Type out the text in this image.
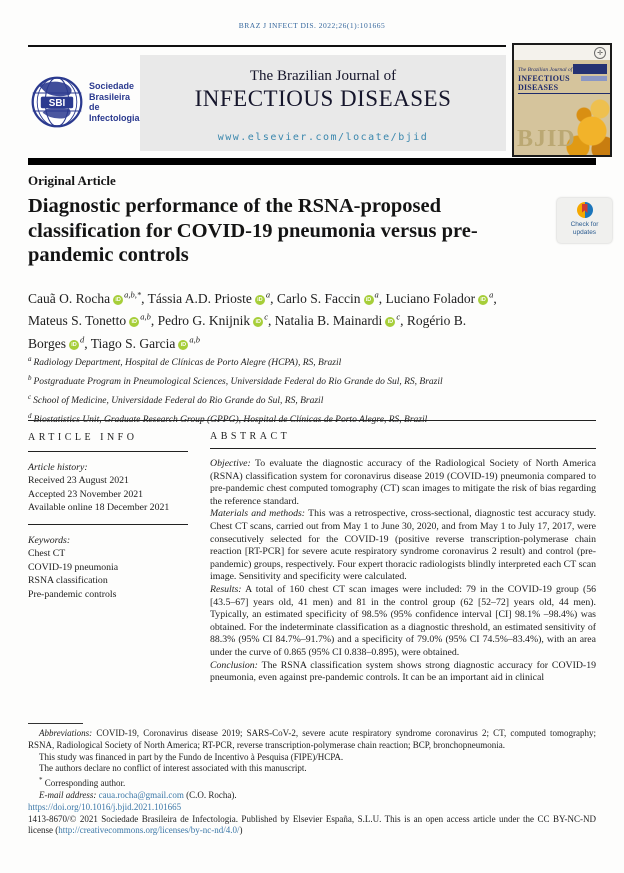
BRAZ J INFECT DIS. 2022;26(1):101665
SBI
Sociedade Brasileira de Infectologia
The Brazilian Journal of
INFECTIOUS DISEASES
www.elsevier.com/locate/bjid
✛
The Brazilian Journal of
INFECTIOUS DISEASES
BJID
Original Article
Diagnostic performance of the RSNA-proposed classification for COVID-19 pneumonia versus pre-pandemic controls
Check for updates
Cauã O. Rocha $iD^{a,b,*}$, Tássia A.D. Prioste $iD^a$, Carlo S. Faccin $iD^a$, Luciano Folador $iD^a$, Mateus S. Tonetto iD$^{a,b}$, Pedro G. Knijnik $iD^c$, Natalia B. Mainardi $iD^c$, Rogério B. Borges $iD^d$, Tiago S. Garcia iD$^{a,b}$
$^a$ Radiology Department, Hospital de Clínicas de Porto Alegre (HCPA), RS, Brazil
$^b$ Postgraduate Program in Pneumological Sciences, Universidade Federal do Rio Grande do Sul, RS, Brazil
$^c$ School of Medicine, Universidade Federal do Rio Grande do Sul, RS, Brazil
$^d$
ARTICLE INFO
Article history:
Received 23 August 2021
Accepted 23 November 2021
Available online 18 December 2021
Keywords:
Chest CT
COVID-19 pneumonia
RSNA classification
Pre-pandemic controls
ABSTRACT

Objective: To evaluate the diagnostic accuracy of the Radiological Society of North America (RSNA) classification system for coronavirus disease 2019 (COVID-19) pneumonia compared to pre-pandemic chest computed tomography (CT) scan images to mitigate the risk of bias regarding the reference standard.

Materials and methods: This was a retrospective, cross-sectional, diagnostic test accuracy study. Chest CT scans, carried out from May 1 to June 30, 2020, and from May 1 to July 17, 2017, were consecutively selected for the COVID-19 (positive reverse transcription-polymerase chain reaction [RT-PCR] for severe acute respiratory syndrome coronavirus 2 result) and control (pre-pandemic) groups, respectively. Four expert thoracic radiologists blindly interpreted each CT scan image. Sensitivity and specificity were calculated.

Results: A total of 160 chest CT scan images were included: 79 in the COVID-19 group (56 [43.5–67] years old, 41 men) and 81 in the control group (62 [52–72] years old, 44 men). Typically, an estimated specificity of 98.5% (95% confidence interval [CI] 98.1% –98.4%) was obtained. For the indeterminate classification as a diagnostic threshold, an estimated sensitivity of 88.3% (95% CI 84.7%–91.7%) and a specificity of 79.0% (95% CI 74.5%–83.4%), with an area under the curve of 0.865 (95% CI 0.838–0.895), were obtained.

Conclusion: The RSNA classification system shows strong diagnostic accuracy for COVID-19 pneumonia, even against pre-pandemic controls. It can be an important aid in clinical

Abbreviations: COVID-19, Coronavirus disease 2019; SARS-CoV-2, severe acute respiratory syndrome coronavirus 2; CT, computed tomography; RSNA, Radiological Society of North America; RT-PCR, reverse transcription-polymerase chain reaction; BCP, bronchopneumonia.

This study was financed in part by the Fundo de Incentivo à Pesquisa (FIPE)/HCPA.

The authors declare no conflict of interest associated with this manuscript.

* Corresponding author.

E-mail address: caua.rocha@gmail.com (C.O. Rocha).

https://doi.org/10.1016/j.bjid.2021.101665

1413-8670/© 2021 Sociedade Brasileira de Infectologia. Published by Elsevier España, S.L.U. This is an open access article under the CC BY-NC-ND license (http://creativecommons.org/licenses/by-nc-nd/4.0/)
